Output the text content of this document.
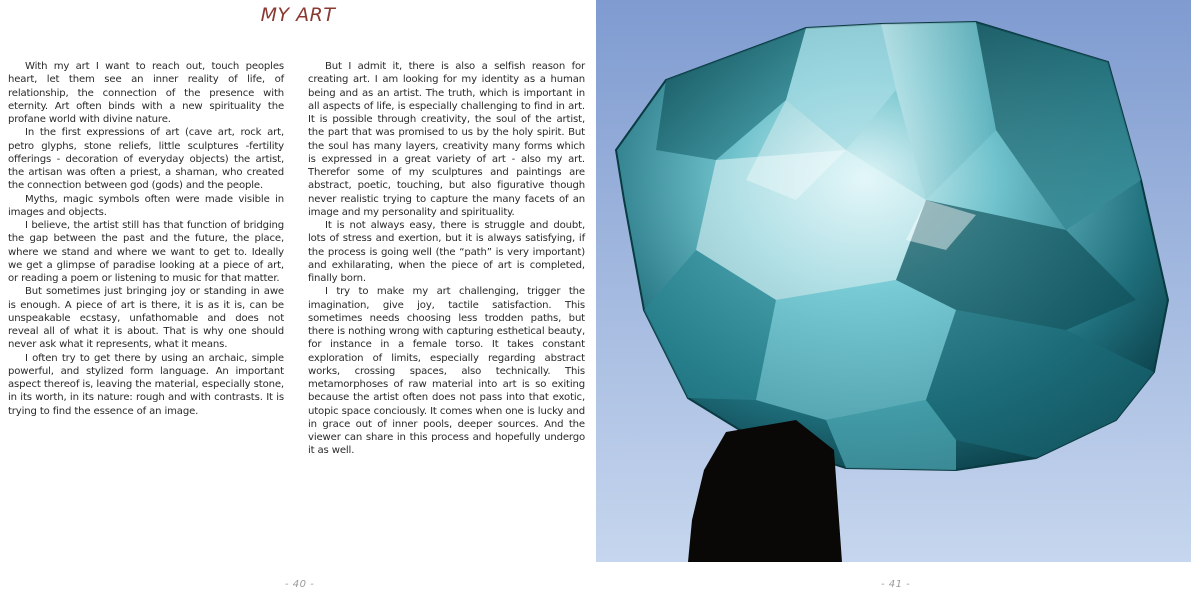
MY ART

With my art I want to reach out, touch peoples heart, let them see an inner reality of life, of relationship, the connection of the presence with eternity. Art often binds with a new spirituality the profane world with divine nature.

In the first expressions of art (cave art, rock art, petro glyphs, stone reliefs, little sculptures -fertility offerings - decoration of everyday objects) the artist, the artisan was often a priest, a shaman, who created the connection between god (gods) and the people.

Myths, magic symbols often were made visible in images and objects.

I believe, the artist still has that function of bridging the gap between the past and the future, the place, where we stand and where we want to get to. Ideally we get a glimpse of paradise looking at a piece of art, or reading a poem or listening to music for that matter.

But sometimes just bringing joy or standing in awe is enough. A piece of art is there, it is as it is, can be unspeakable ecstasy, unfathomable and does not reveal all of what it is about. That is why one should never ask what it represents, what it means.

I often try to get there by using an archaic, simple powerful, and stylized form language. An important aspect thereof is, leaving the material, especially stone, in its worth, in its nature: rough and with contrasts. It is trying to find the essence of an image.

But I admit it, there is also a selfish reason for creating art. I am looking for my identity as a human being and as an artist. The truth, which is important in all aspects of life, is especially challenging to find in art. It is possible through creativity, the soul of the artist, the part that was promised to us by the holy spirit. But the soul has many layers, creativity many forms which is expressed in a great variety of art - also my art. Therefor some of my sculptures and paintings are abstract, poetic, touching, but also figurative though never realistic trying to capture the many facets of an image and my personality and spirituality.

It is not always easy, there is struggle and doubt, lots of stress and exertion, but it is always satisfying, if the process is going well (the “path” is very important) and exhilarating, when the piece of art is completed, finally born.

I try to make my art challenging, trigger the imagination, give joy, tactile satisfaction. This sometimes needs choosing less trodden paths, but there is nothing wrong with capturing esthetical beauty, for instance in a female torso. It takes constant exploration of limits, especially regarding abstract works, crossing spaces, also technically. This metamorphoses of raw material into art is so exiting because the artist often does not pass into that exotic, utopic space conciously. It comes when one is lucky and in grace out of inner pools, deeper sources. And the viewer can share in this process and hopefully undergo it as well.

- 40 -	- 41 -
